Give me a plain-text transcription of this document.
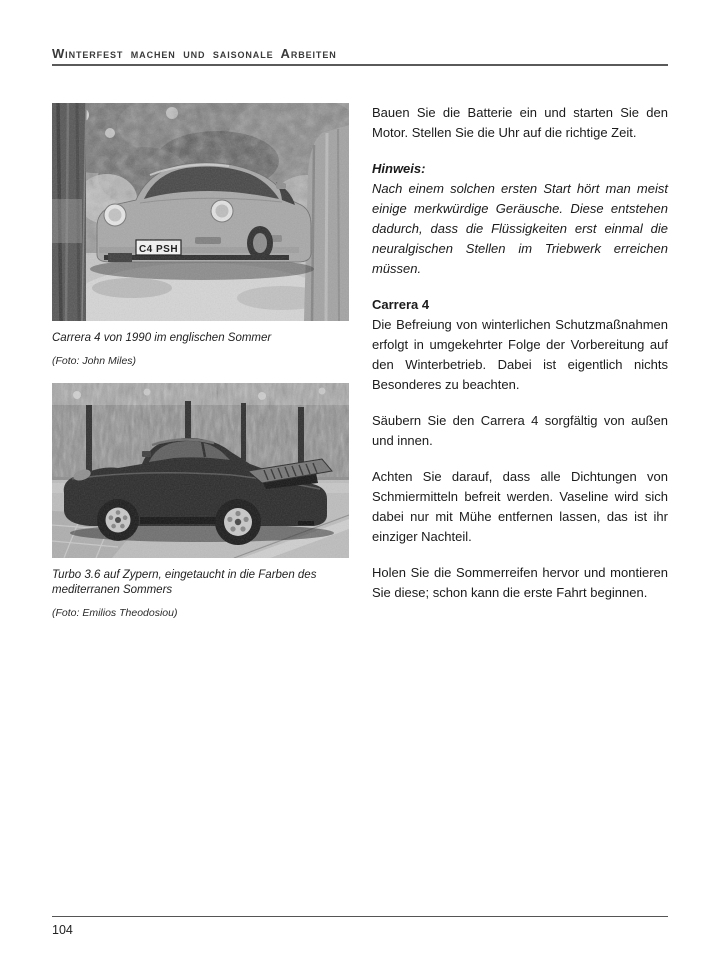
Winterfest machen und saisonale Arbeiten
C4 PSH
Carrera 4 von 1990 im englischen Sommer
(Foto: John Miles)
Turbo 3.6 auf Zypern, eingetaucht in die Farben des mediterranen Sommers
(Foto: Emilios Theodosiou)

Bauen Sie die Batterie ein und starten Sie den Motor. Stellen Sie die Uhr auf die richtige Zeit.

Hinweis:

Nach einem solchen ersten Start hört man meist einige merkwürdige Geräusche. Diese entstehen dadurch, dass die Flüssigkeiten erst einmal die neuralgischen Stellen im Triebwerk erreichen müssen.

Carrera 4

Die Befreiung von winterlichen Schutzmaßnahmen erfolgt in umgekehrter Folge der Vorbereitung auf den Winterbetrieb. Dabei ist eigentlich nichts Besonderes zu beachten.

Säubern Sie den Carrera 4 sorgfältig von außen und innen.

Achten Sie darauf, dass alle Dichtungen von Schmiermitteln befreit werden. Vaseline wird sich dabei nur mit Mühe entfernen lassen, das ist ihr einziger Nachteil.

Holen Sie die Sommerreifen hervor und montieren Sie diese; schon kann die erste Fahrt beginnen.

104
